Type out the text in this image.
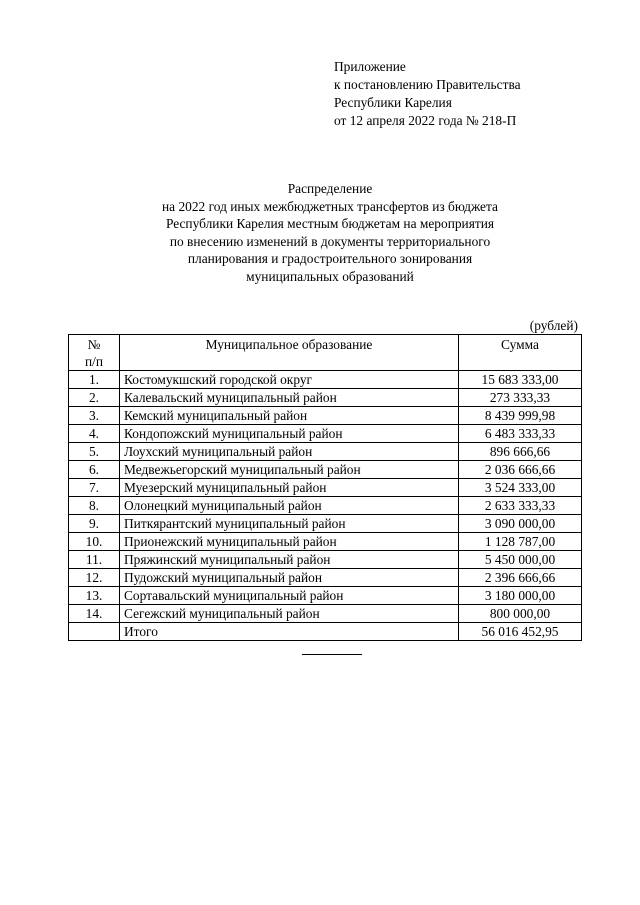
Приложение
к постановлению Правительства
Республики Карелия
от 12 апреля 2022 года № 218-П
Распределение
на 2022 год иных межбюджетных трансфертов из бюджета
Республики Карелия местным бюджетам на мероприятия
по внесению изменений в документы территориального
планирования и градостроительного зонирования
муниципальных образований
(рублей)
№
п/п	Муниципальное образование	Сумма
1.	Костомукшский городской округ	15 683 333,00
2.	Калевальский муниципальный район	273 333,33
3.	Кемский муниципальный район	8 439 999,98
4.	Кондопожский муниципальный район	6 483 333,33
5.	Лоухский муниципальный район	896 666,66
6.	Медвежьегорский муниципальный район	2 036 666,66
7.	Муезерский муниципальный район	3 524 333,00
8.	Олонецкий муниципальный район	2 633 333,33
9.	Питкярантский муниципальный район	3 090 000,00
10.	Прионежский муниципальный район	1 128 787,00
11.	Пряжинский муниципальный район	5 450 000,00
12.	Пудожский муниципальный район	2 396 666,66
13.	Сортавальский муниципальный район	3 180 000,00
14.	Сегежский муниципальный район	800 000,00
	Итого	56 016 452,95
